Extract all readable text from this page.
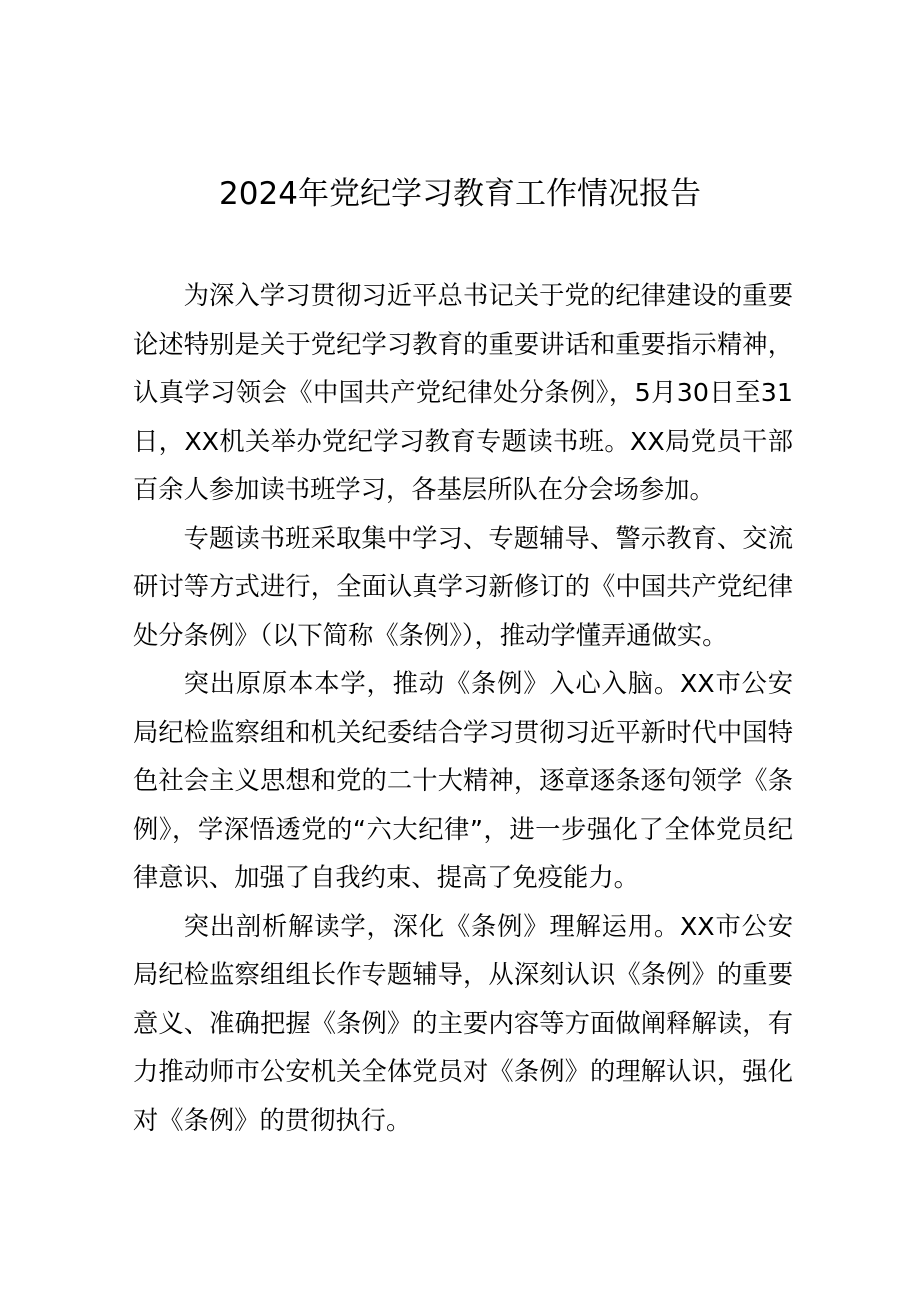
2024年党纪学习教育工作情况报告

为深入学习贯彻习近平总书记关于党的纪律建设的重要论述特别是关于党纪学习教育的重要讲话和重要指示精神，认真学习领会《中国共产党纪律处分条例》，5月30日至31日，XX机关举办党纪学习教育专题读书班。XX局党员干部百余人参加读书班学习，各基层所队在分会场参加。

专题读书班采取集中学习、专题辅导、警示教育、交流研讨等方式进行，全面认真学习新修订的《中国共产党纪律处分条例》（以下简称《条例》），推动学懂弄通做实。

突出原原本本学，推动《条例》入心入脑。XX市公安局纪检监察组和机关纪委结合学习贯彻习近平新时代中国特色社会主义思想和党的二十大精神，逐章逐条逐句领学《条例》，学深悟透党的“六大纪律”，进一步强化了全体党员纪律意识、加强了自我约束、提高了免疫能力。

突出剖析解读学，深化《条例》理解运用。XX市公安局纪检监察组组长作专题辅导，从深刻认识《条例》的重要意义、准确把握《条例》的主要内容等方面做阐释解读，有力推动师市公安机关全体党员对《条例》的理解认识，强化对《条例》的贯彻执行。
